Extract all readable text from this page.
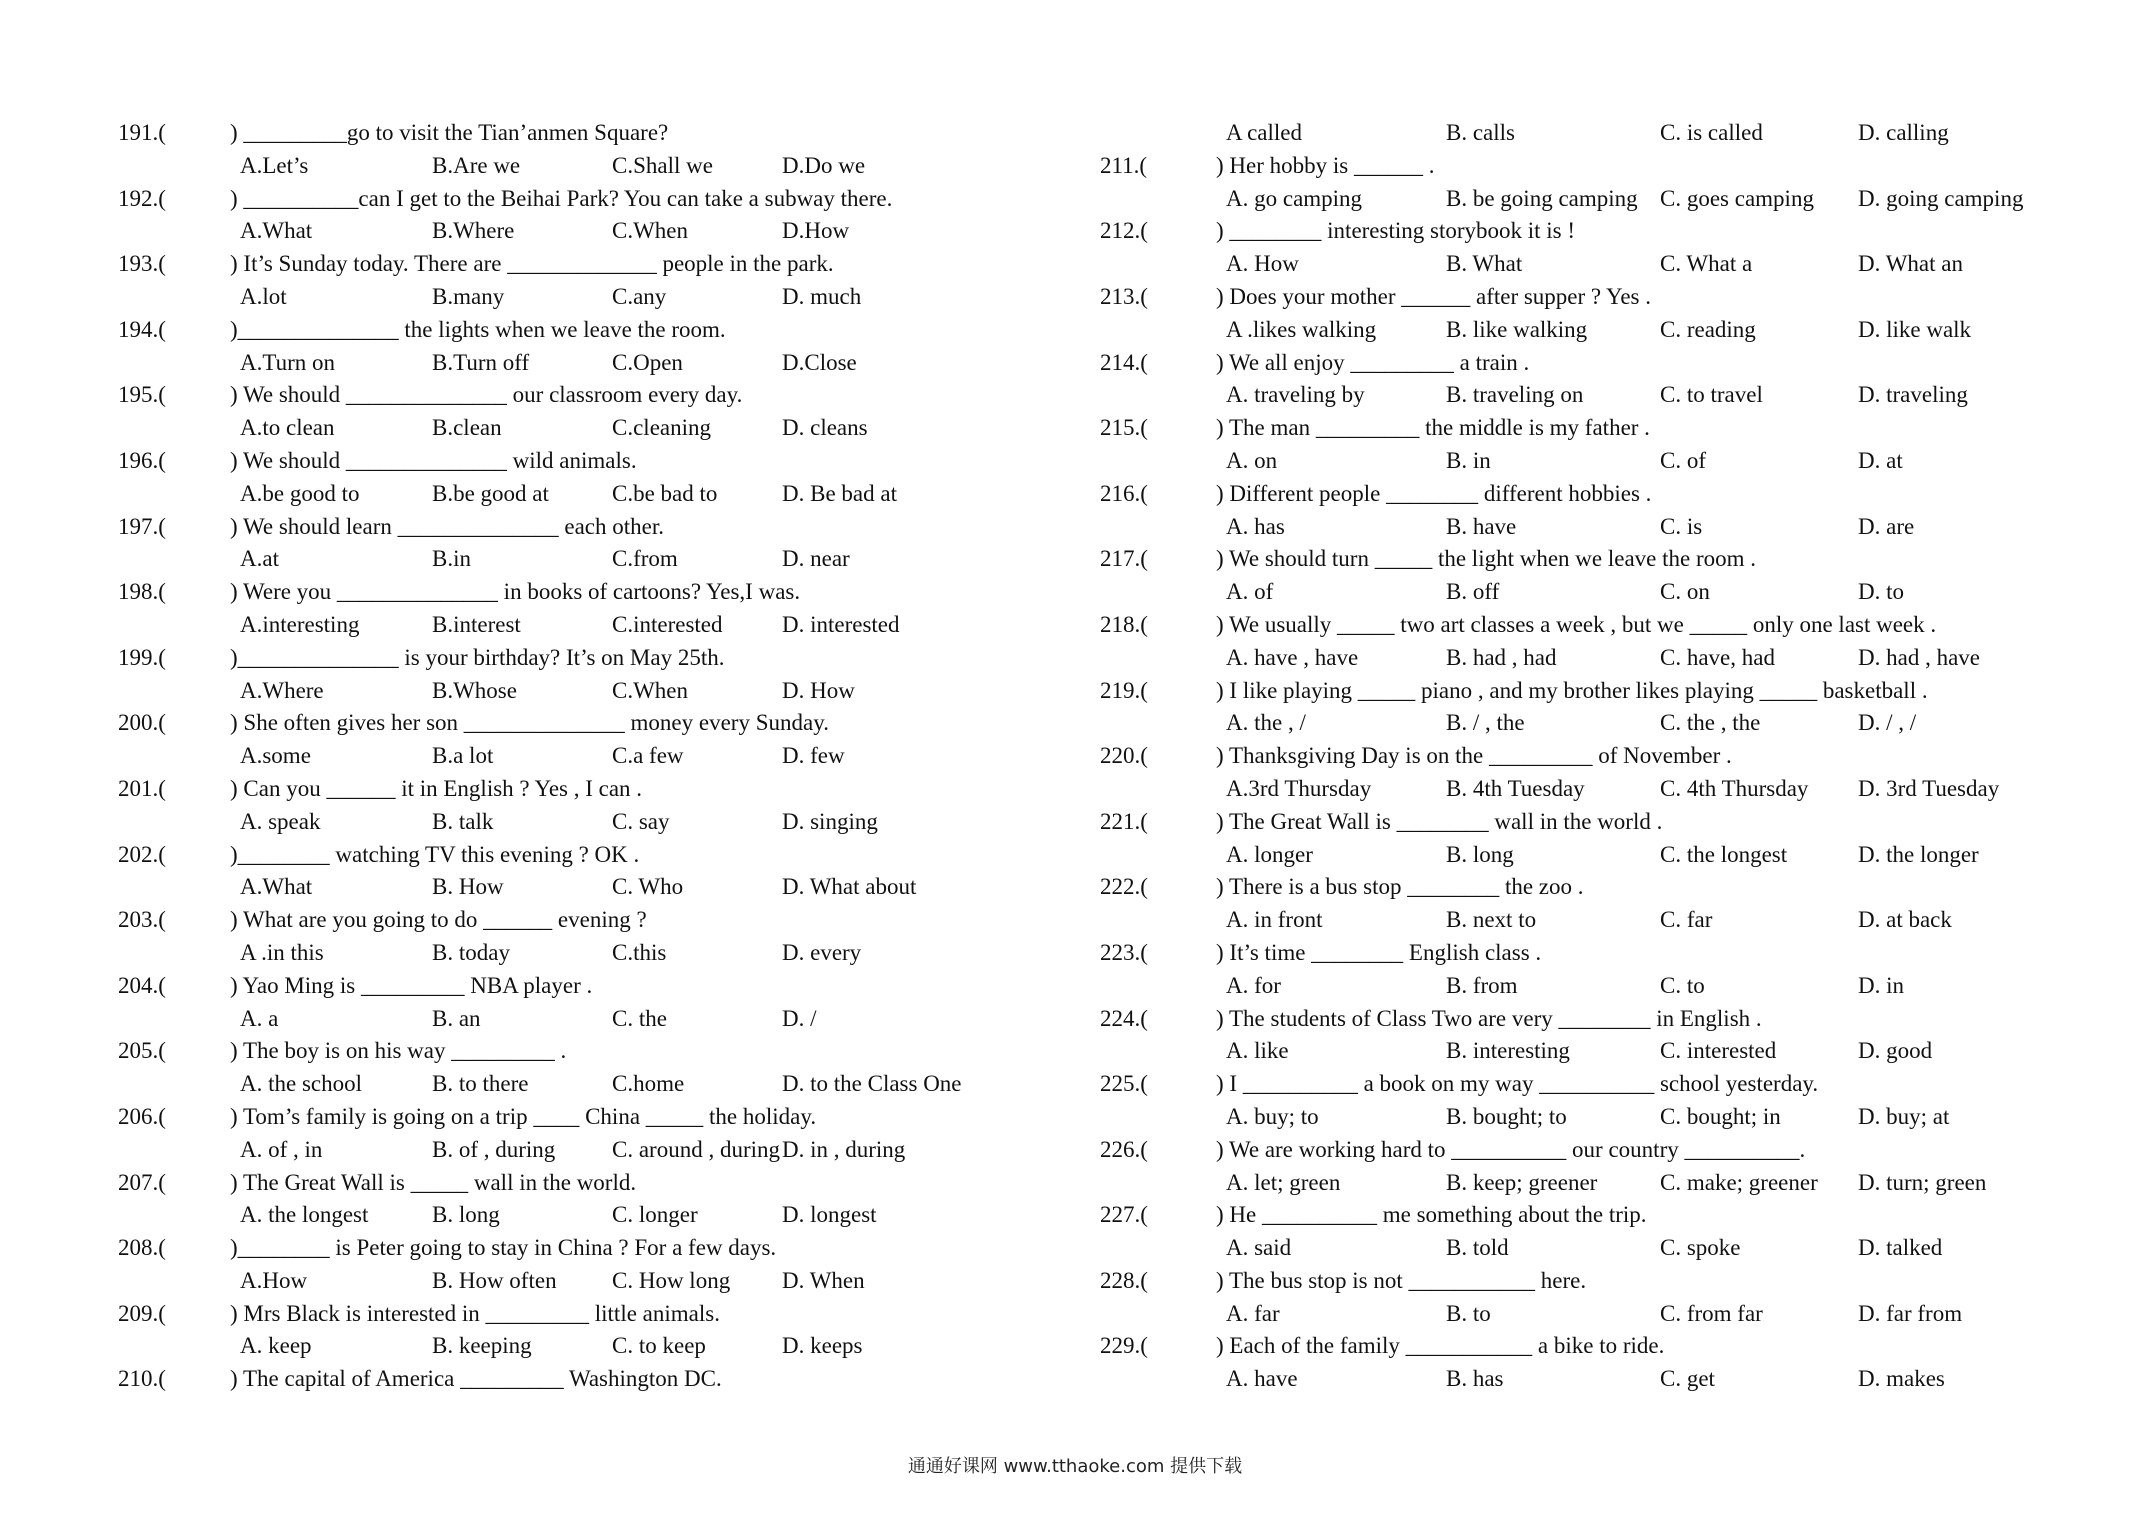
191.(	) _________go to visit the Tian’anmen Square?
A.Let’s	B.Are we	C.Shall we	D.Do we
192.(	) __________can I get to the Beihai Park? You can take a subway there.
A.What	B.Where	C.When	D.How
193.(	) It’s Sunday today. There are _____________ people in the park.
A.lot	B.many	C.any	D. much
194.(	)______________ the lights when we leave the room.
A.Turn on	B.Turn off	C.Open	D.Close
195.(	) We should ______________ our classroom every day.
A.to clean	B.clean	C.cleaning	D. cleans
196.(	) We should ______________ wild animals.
A.be good to	B.be good at	C.be bad to	D. Be bad at
197.(	) We should learn ______________ each other.
A.at	B.in	C.from	D. near
198.(	) Were you ______________ in books of cartoons? Yes,I was.
A.interesting	B.interest	C.interested	D. interested
199.(	)______________ is your birthday? It’s on May 25th.
A.Where	B.Whose	C.When	D. How
200.(	) She often gives her son ______________ money every Sunday.
A.some	B.a lot	C.a few	D. few
201.(	) Can you ______ it in English ? Yes , I can .
A. speak	B. talk	C. say	D. singing
202.(	)________ watching TV this evening ? OK .
A.What	B. How	C. Who	D. What about
203.(	) What are you going to do ______ evening ?
A .in this	B. today	C.this	D. every
204.(	) Yao Ming is _________ NBA player .
A. a	B. an	C. the	D. /
205.(	) The boy is on his way _________ .
A. the school	B. to there	C.home	D. to the Class One
206.(	) Tom’s family is going on a trip ____ China _____ the holiday.
A. of , in	B. of , during C. around , during D. in , during
207.(	) The Great Wall is _____ wall in the world.
A. the longest	B. long	C. longer	D. longest
208.(	)________ is Peter going to stay in China ? For a few days.
A.How	B. How often C. How long D. When
209.(	) Mrs Black is interested in _________ little animals.
A. keep	B. keeping	C. to keep	D. keeps
210.(	) The capital of America _________ Washington DC.
A called	B. calls	C. is called	D. calling
211.(	) Her hobby is ______ .
A. go camping	B. be going camping C. goes camping D. going camping
212.(	) ________ interesting storybook it is !
A. How	B. What	C. What a	D. What an
213.(	) Does your mother ______ after supper ? Yes .
A .likes walking	B. like walking	C. reading	D. like walk
214.(	) We all enjoy _________ a train .
A. traveling by	B. traveling on	C. to travel	D. traveling
215.(	) The man _________ the middle is my father .
A. on	B. in	C. of	D. at
216.(	) Different people ________ different hobbies .
A. has	B. have	C. is	D. are
217.(	) We should turn _____ the light when we leave the room .
A. of	B. off	C. on	D. to
218.(	) We usually _____ two art classes a week , but we _____ only one last week .
A. have , have	B. had , had	C. have, had	D. had , have
219.(	) I like playing _____ piano , and my brother likes playing _____ basketball .
A. the , /	B. / , the	C. the , the	D. / , /
220.(	) Thanksgiving Day is on the _________ of November .
A.3rd Thursday	B. 4th Tuesday	C. 4th Thursday D. 3rd Tuesday
221.(	) The Great Wall is ________ wall in the world .
A. longer	B. long	C. the longest	D. the longer
222.(	) There is a bus stop ________ the zoo .
A. in front	B. next to	C. far	D. at back
223.(	) It’s time ________ English class .
A. for	B. from	C. to	D. in
224.(	) The students of Class Two are very ________ in English .
A. like	B. interesting	C. interested	D. good
225.(	) I __________ a book on my way __________ school yesterday.
A. buy; to	B. bought; to	C. bought; in	D. buy; at
226.(	) We are working hard to __________ our country __________.
A. let; green	B. keep; greener	C. make; greener D. turn; green
227.(	) He __________ me something about the trip.
A. said	B. told	C. spoke	D. talked
228.(	) The bus stop is not ___________ here.
A. far	B. to	C. from far	D. far from
229.(	) Each of the family ___________ a bike to ride.
A. have	B. has	C. get	D. makes
通通好课网 www.tthaoke.com 提供下载
